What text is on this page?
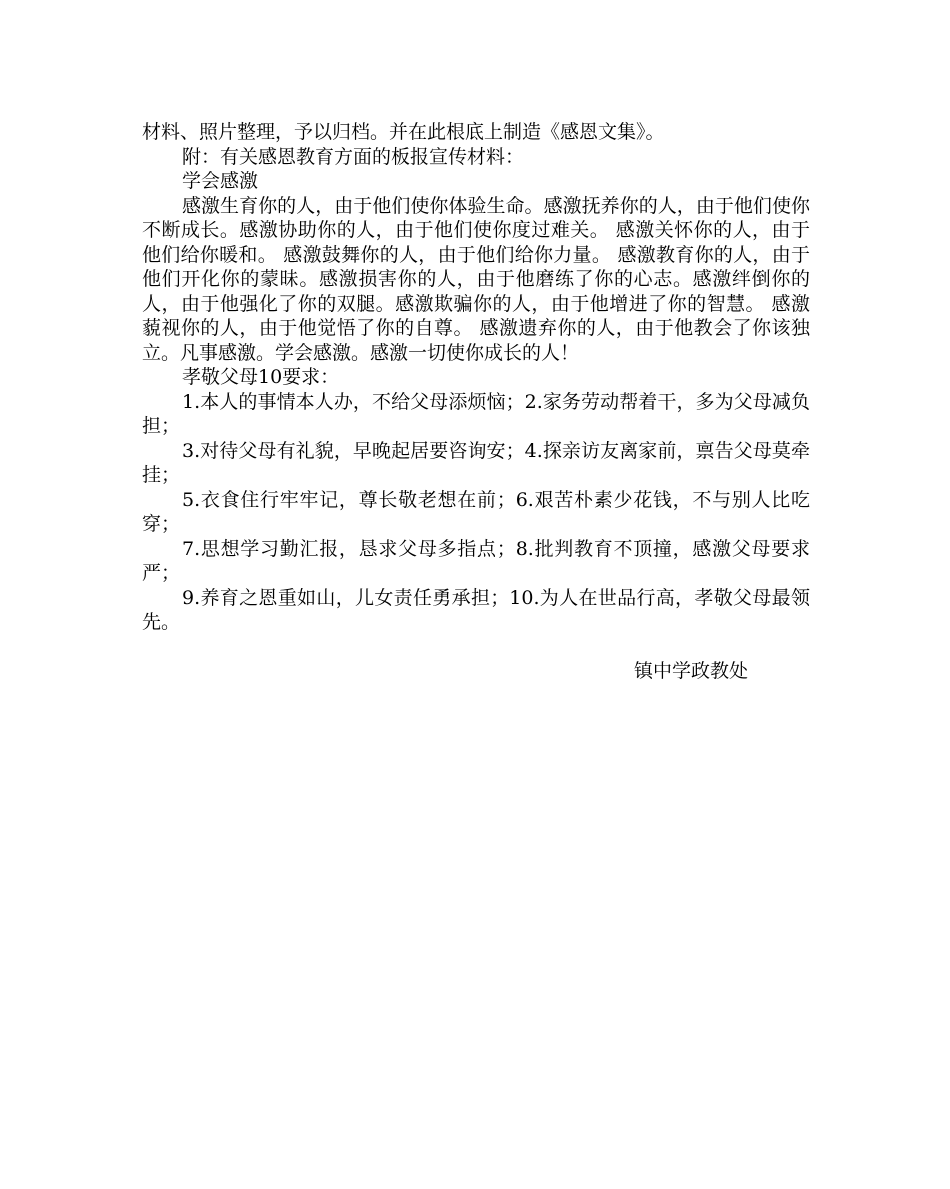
材料、照片整理，予以归档。并在此根底上制造《感恩文集》。

附：有关感恩教育方面的板报宣传材料：

学会感激

感激生育你的人，由于他们使你体验生命。感激抚养你的人，由于他们使你不断成长。感激协助你的人，由于他们使你度过难关。 感激关怀你的人，由于他们给你暖和。 感激鼓舞你的人，由于他们给你力量。 感激教育你的人，由于他们开化你的蒙昧。感激损害你的人，由于他磨练了你的心志。感激绊倒你的人，由于他强化了你的双腿。感激欺骗你的人，由于他增进了你的智慧。 感激藐视你的人，由于他觉悟了你的自尊。 感激遗弃你的人，由于他教会了你该独立。凡事感激。学会感激。感激一切使你成长的人！

孝敬父母10要求：

1.本人的事情本人办，不给父母添烦恼；2.家务劳动帮着干，多为父母减负担；

3.对待父母有礼貌，早晚起居要咨询安；4.探亲访友离家前，禀告父母莫牵挂；

5.衣食住行牢牢记，尊长敬老想在前；6.艰苦朴素少花钱，不与别人比吃穿；

7.思想学习勤汇报，恳求父母多指点；8.批判教育不顶撞，感激父母要求严；

9.养育之恩重如山，儿女责任勇承担；10.为人在世品行高，孝敬父母最领先。

镇中学政教处
